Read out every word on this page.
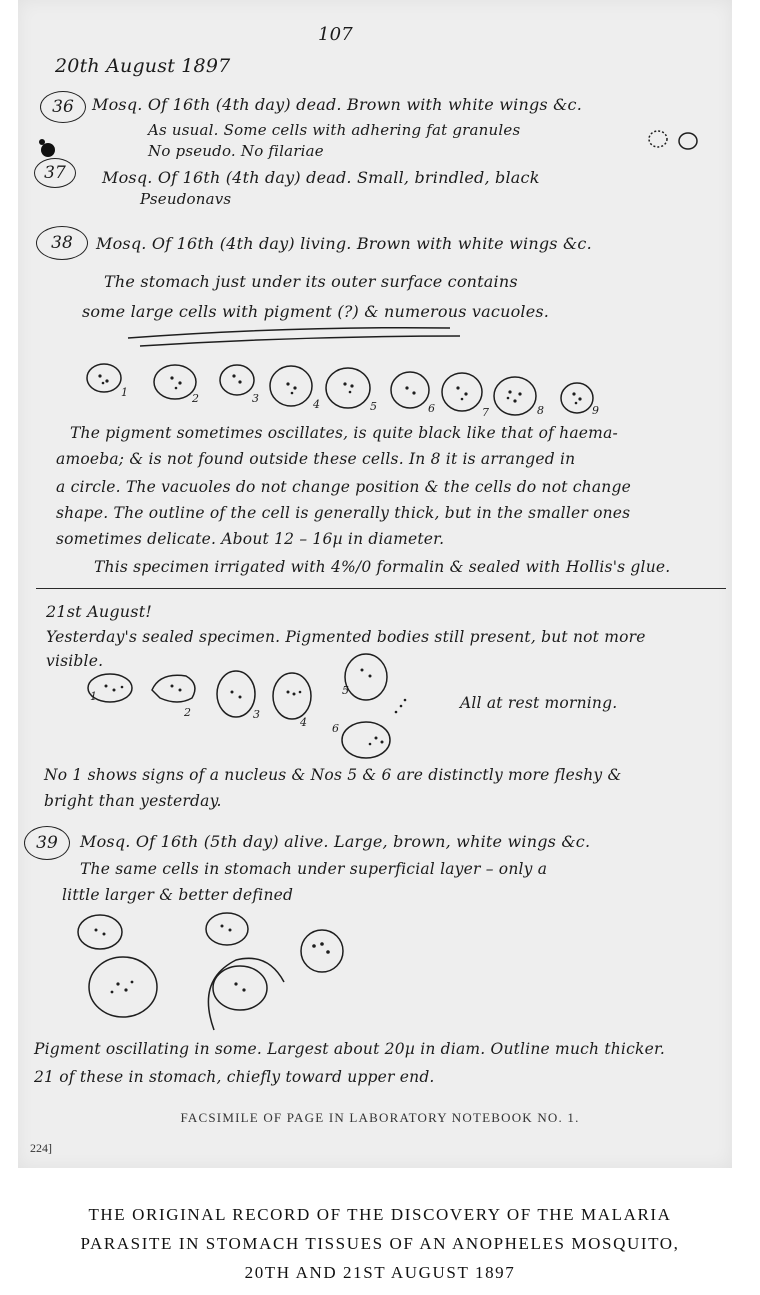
107
20th August 1897
36	Mosq. Of 16th (4th day) dead. Brown with white wings &c.
As usual. Some cells with adhering fat granules
No pseudo. No filariae
37	Mosq. Of 16th (4th day) dead. Small, brindled, black
Pseudonavs
38	Mosq. Of 16th (4th day) living. Brown with white wings &c.
The stomach just under its outer surface contains
some large cells with pigment (?) & numerous vacuoles.
The pigment sometimes oscillates, is quite black like that of haema-
amoeba; & is not found outside these cells. In 8 it is arranged in
a circle. The vacuoles do not change position & the cells do not change
shape. The outline of the cell is generally thick, but in the smaller ones
sometimes delicate. About 12 – 16µ in diameter.
This specimen irrigated with 4%/0 formalin & sealed with Hollis's glue.
21st August!
Yesterday's sealed specimen. Pigmented bodies still present, but not more
visible.
All at rest morning.
No 1 shows signs of a nucleus & Nos 5 & 6 are distinctly more fleshy &
bright than yesterday.
39	Mosq. Of 16th (5th day) alive. Large, brown, white wings &c.
The same cells in stomach under superficial layer – only a
little larger & better defined
Pigment oscillating in some. Largest about 20µ in diam. Outline much thicker.
21 of these in stomach, chiefly toward upper end.
1	2	3	4	5	6	7	8	9
1
2	3
4
5
6
FACSIMILE OF PAGE IN LABORATORY NOTEBOOK NO. 1.
224]
THE ORIGINAL RECORD OF THE DISCOVERY OF THE MALARIA
PARASITE IN STOMACH TISSUES OF AN ANOPHELES MOSQUITO,
20TH AND 21ST AUGUST 1897
